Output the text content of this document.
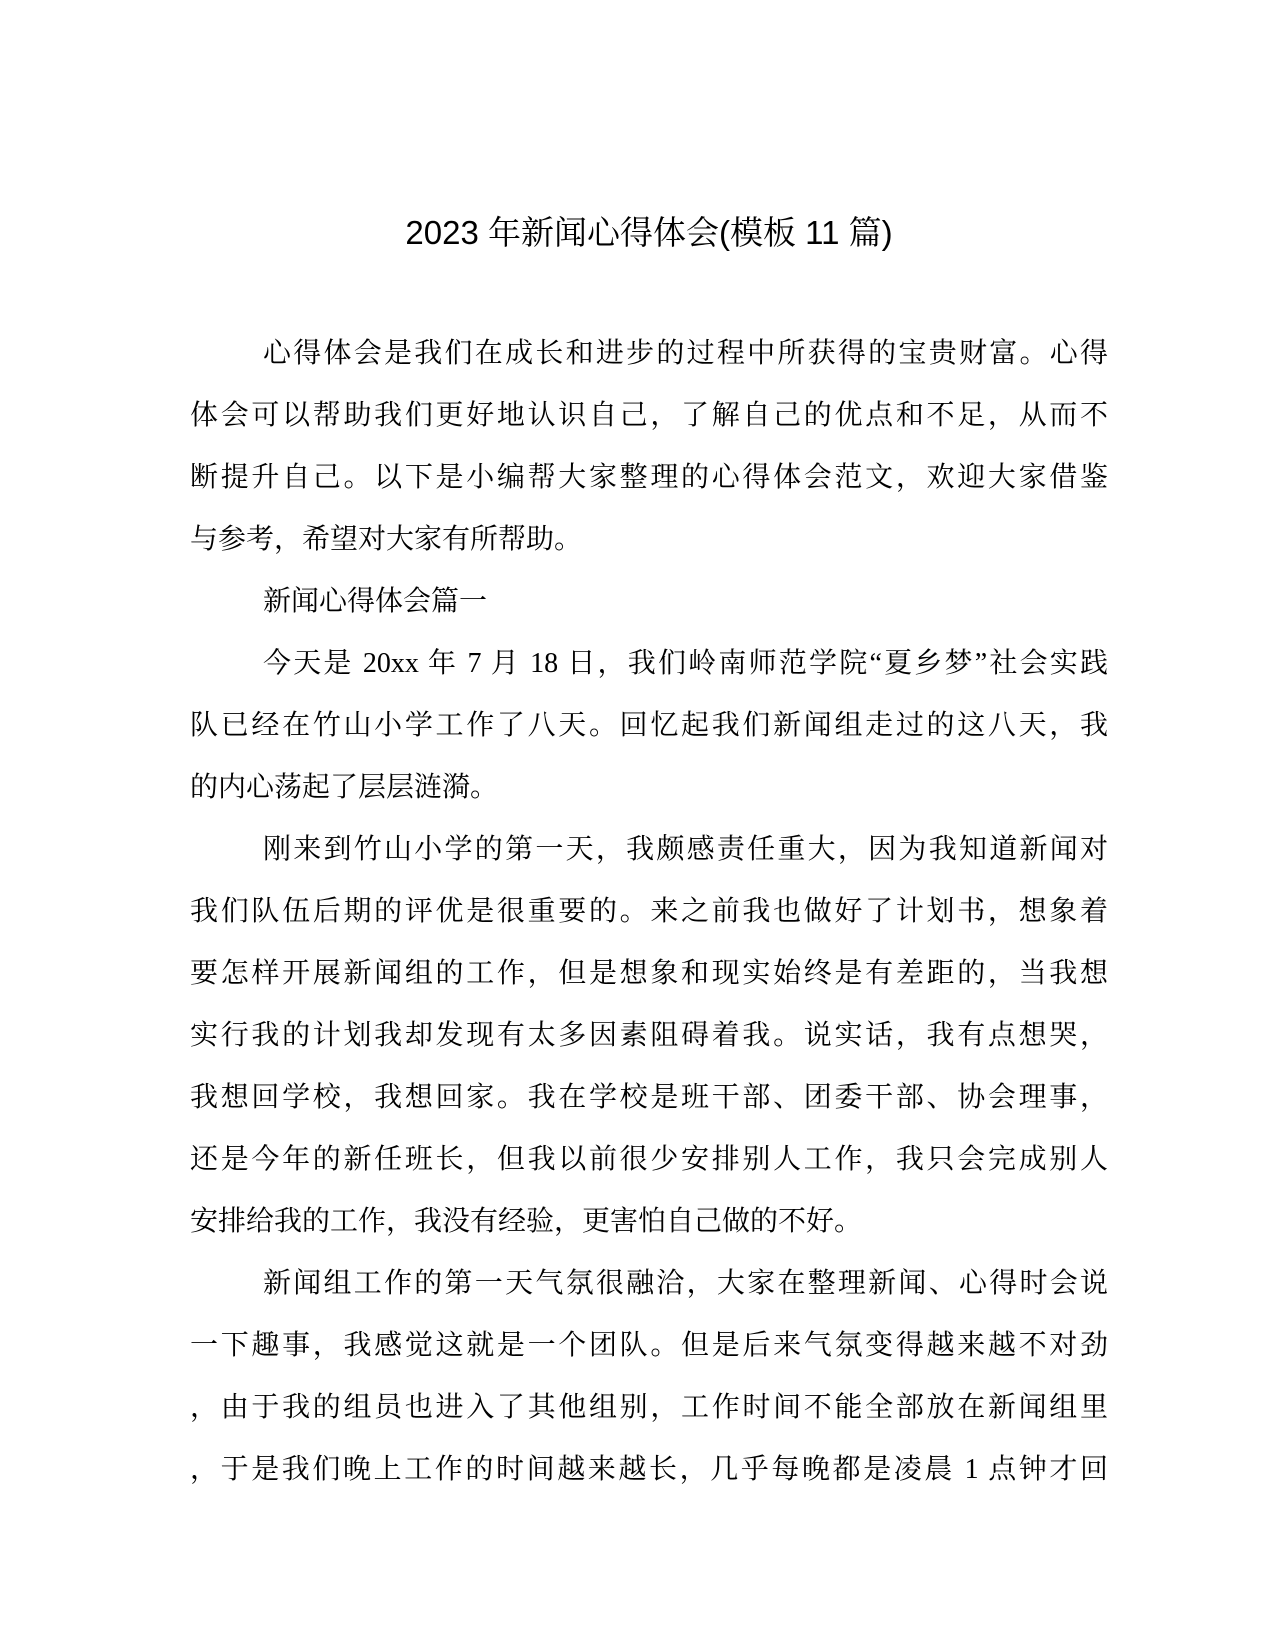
2023 年新闻心得体会(模板 11 篇)
心得体会是我们在成长和进步的过程中所获得的宝贵财富。心得
体会可以帮助我们更好地认识自己，了解自己的优点和不足，从而不
断提升自己。以下是小编帮大家整理的心得体会范文，欢迎大家借鉴
与参考，希望对大家有所帮助。
新闻心得体会篇一
今天是 20xx 年 7 月 18 日，我们岭南师范学院“夏乡梦”社会实践
队已经在竹山小学工作了八天。回忆起我们新闻组走过的这八天，我
的内心荡起了层层涟漪。
刚来到竹山小学的第一天，我颇感责任重大，因为我知道新闻对
我们队伍后期的评优是很重要的。来之前我也做好了计划书，想象着
要怎样开展新闻组的工作，但是想象和现实始终是有差距的，当我想
实行我的计划我却发现有太多因素阻碍着我。说实话，我有点想哭，
我想回学校，我想回家。我在学校是班干部、团委干部、协会理事，
还是今年的新任班长，但我以前很少安排别人工作，我只会完成别人
安排给我的工作，我没有经验，更害怕自己做的不好。
新闻组工作的第一天气氛很融洽，大家在整理新闻、心得时会说
一下趣事，我感觉这就是一个团队。但是后来气氛变得越来越不对劲
，由于我的组员也进入了其他组别，工作时间不能全部放在新闻组里
，于是我们晚上工作的时间越来越长，几乎每晚都是凌晨 1 点钟才回
